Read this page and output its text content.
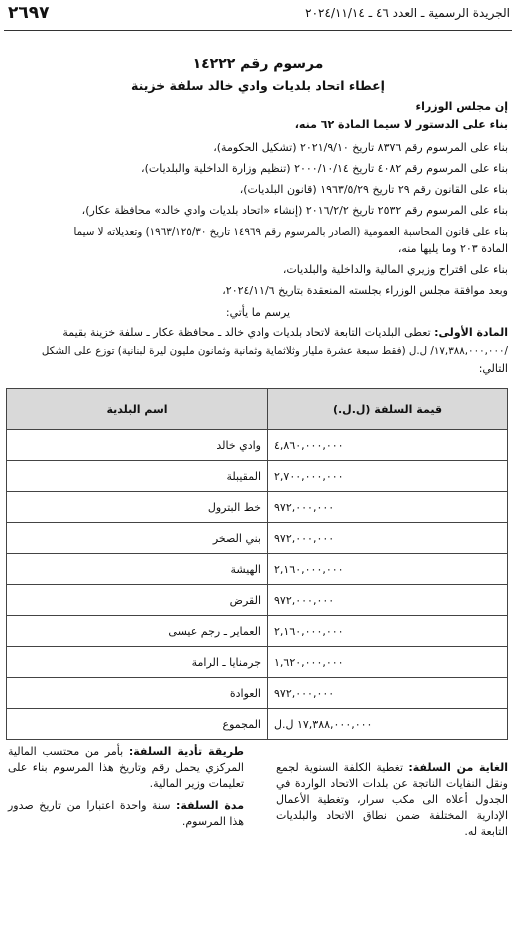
الجريدة الرسمية ـ العدد ٤٦ ـ ٢٠٢٤/١١/١٤
٢٦٩٧
مرسوم رقم ١٤٢٢٢
إعطاء اتحاد بلديات وادي خالد سلفة خزينة
إن مجلس الوزراء
بناء على الدستور لا سيما المادة ٦٢ منه،
بناء على المرسوم رقم ٨٣٧٦ تاريخ ٢٠٢١/٩/١٠ (تشكيل الحكومة)،
بناء على المرسوم رقم ٤٠٨٢ تاريخ ٢٠٠٠/١٠/١٤ (تنظيم وزارة الداخلية والبلديات)،
بناء على القانون رقم ٢٩ تاريخ ١٩٦٣/٥/٢٩ (قانون البلديات)،
بناء على المرسوم رقم ٢٥٣٢ تاريخ ٢٠١٦/٢/٢ (إنشاء «اتحاد بلديات وادي خالد» محافظة عكار)،
بناء على قانون المحاسبة العمومية (الصادر بالمرسوم رقم ١٤٩٦٩ تاريخ ١٩٦٣/١٢٥/٣٠) وتعديلاته لا سيما
المادة ٢٠٣ وما يليها منه،
بناء على اقتراح وزيري المالية والداخلية والبلديات،
وبعد موافقة مجلس الوزراء بجلسته المنعقدة بتاريخ ٢٠٢٤/١١/٦،
يرسم ما يأتي:
المادة الأولى: تعطى البلديات التابعة لاتحاد بلديات وادي خالد ـ محافظة عكار ـ سلفة خزينة بقيمة
/١٧,٣٨٨,٠٠٠,٠٠٠/ ل.ل (فقط سبعة عشرة مليار وثلاثماية وثمانية وثمانون مليون ليرة لبنانية) توزع على الشكل
التالي:
اسم البلدية	قيمة السلفة (ل.ل.)
وادي خالد	٤,٨٦٠,٠٠٠,٠٠٠
المقيبلة	٢,٧٠٠,٠٠٠,٠٠٠
خط البترول	٩٧٢,٠٠٠,٠٠٠
بني الصخر	٩٧٢,٠٠٠,٠٠٠
الهيشة	٢,١٦٠,٠٠٠,٠٠٠
القرض	٩٧٢,٠٠٠,٠٠٠
العماير ـ رجم عيسى	٢,١٦٠,٠٠٠,٠٠٠
جرمنايا ـ الرامة	١,٦٢٠,٠٠٠,٠٠٠
العوادة	٩٧٢,٠٠٠,٠٠٠
المجموع	١٧,٣٨٨,٠٠٠,٠٠٠ ل.ل
الغاية من السلفة: تغطية الكلفة السنوية لجمع ونقل النفايات الناتجة عن بلدات الاتحاد الواردة في الجدول أعلاه الى مكب سرار، وتغطية الأعمال الإدارية المختلفة ضمن نطاق الاتحاد والبلديات التابعة له.
طريقة تأدية السلفة: بأمر من محتسب المالية المركزي يحمل رقم وتاريخ هذا المرسوم بناء على تعليمات وزير المالية.
مدة السلفة: سنة واحدة اعتبارا من تاريخ صدور هذا المرسوم.
